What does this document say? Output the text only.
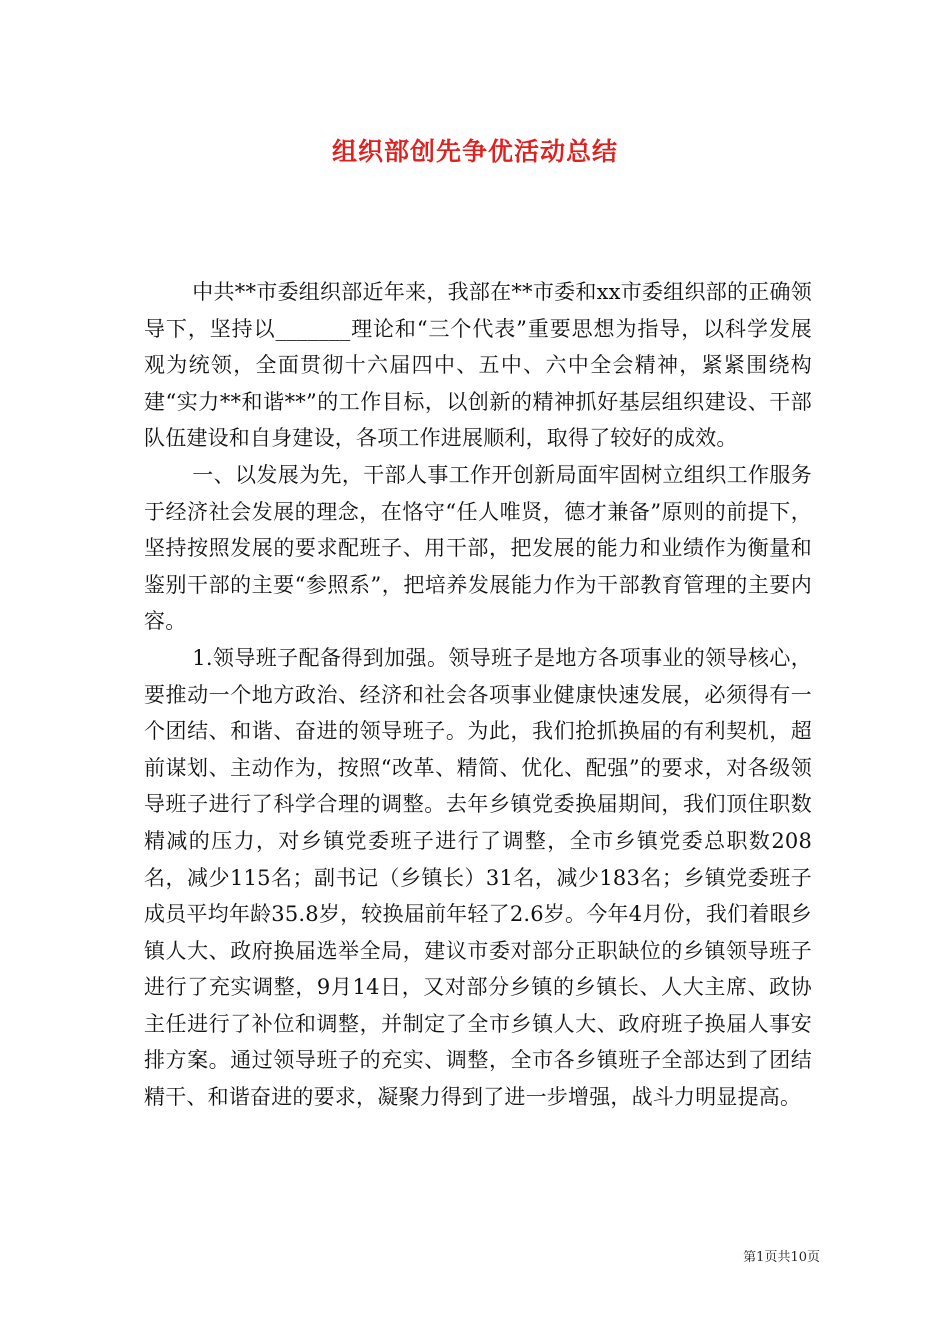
组织部创先争优活动总结

中共**市委组织部近年来，我部在**市委和xx市委组织部的正确领导下，坚持以_______理论和“三个代表”重要思想为指导，以科学发展观为统领，全面贯彻十六届四中、五中、六中全会精神，紧紧围绕构建“实力**和谐**”的工作目标，以创新的精神抓好基层组织建设、干部队伍建设和自身建设，各项工作进展顺利，取得了较好的成效。

一、以发展为先，干部人事工作开创新局面牢固树立组织工作服务于经济社会发展的理念，在恪守“任人唯贤，德才兼备”原则的前提下，坚持按照发展的要求配班子、用干部，把发展的能力和业绩作为衡量和鉴别干部的主要“参照系”，把培养发展能力作为干部教育管理的主要内容。

1.领导班子配备得到加强。领导班子是地方各项事业的领导核心，要推动一个地方政治、经济和社会各项事业健康快速发展，必须得有一个团结、和谐、奋进的领导班子。为此，我们抢抓换届的有利契机，超前谋划、主动作为，按照“改革、精简、优化、配强”的要求，对各级领导班子进行了科学合理的调整。去年乡镇党委换届期间，我们顶住职数精减的压力，对乡镇党委班子进行了调整，全市乡镇党委总职数208名，减少115名；副书记（乡镇长）31名，减少183名；乡镇党委班子成员平均年龄35.8岁，较换届前年轻了2.6岁。今年4月份，我们着眼乡镇人大、政府换届选举全局，建议市委对部分正职缺位的乡镇领导班子进行了充实调整，9月14日，又对部分乡镇的乡镇长、人大主席、政协主任进行了补位和调整，并制定了全市乡镇人大、政府班子换届人事安排方案。通过领导班子的充实、调整，全市各乡镇班子全部达到了团结精干、和谐奋进的要求，凝聚力得到了进一步增强，战斗力明显提高。

第1页共10页
